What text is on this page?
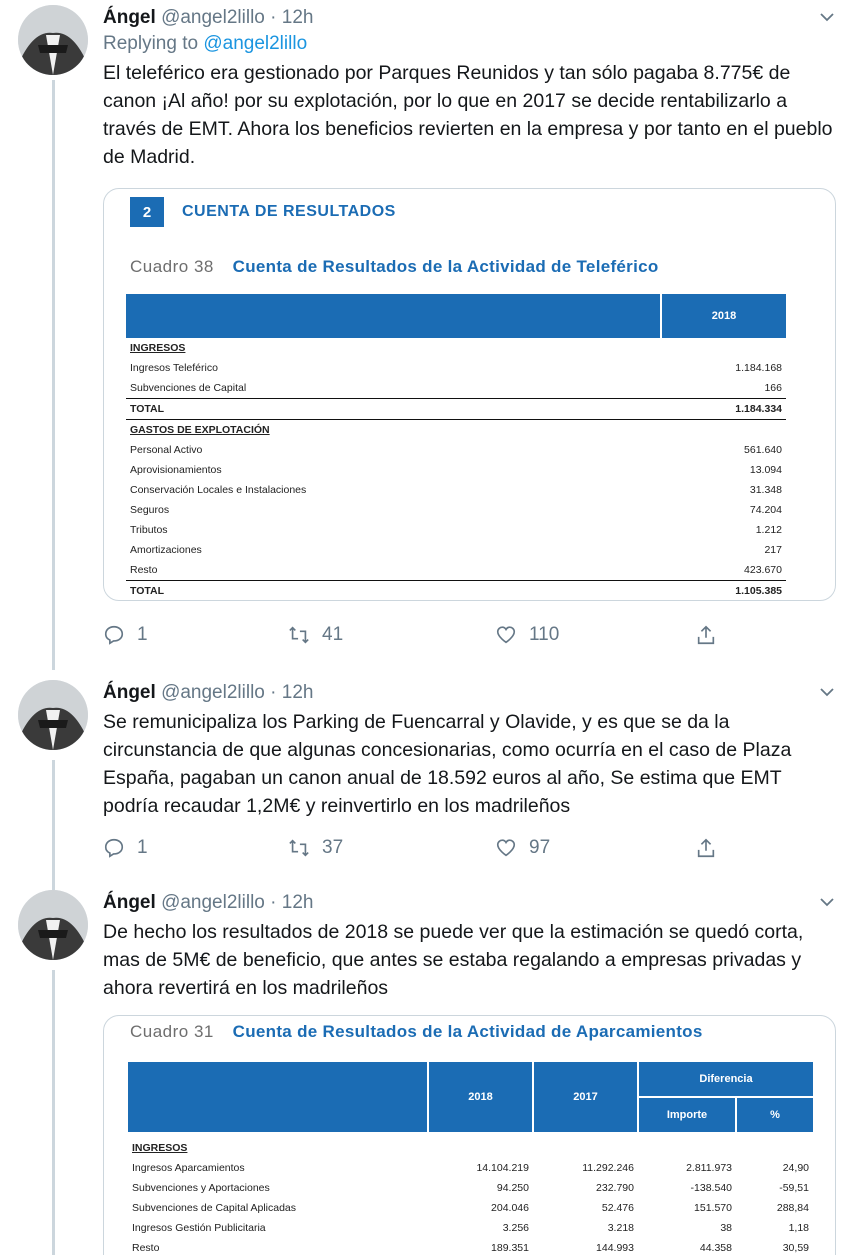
Ángel @angel2lillo · 12h
Replying to @angel2lillo
El teleférico era gestionado por Parques Reunidos y tan sólo pagaba 8.775€ de canon ¡Al año! por su explotación, por lo que en 2017 se decide rentabilizarlo a través de EMT. Ahora los beneficios revierten en la empresa y por tanto en el pueblo de Madrid.
2	CUENTA DE RESULTADOS
Cuadro 38 Cuenta de Resultados de la Actividad de Teleférico
	2018
INGRESOS	
Ingresos Teleférico	1.184.168
Subvenciones de Capital	166
TOTAL	1.184.334
GASTOS DE EXPLOTACIÓN	
Personal Activo	561.640
Aprovisionamientos	13.094
Conservación Locales e Instalaciones	31.348
Seguros	74.204
Tributos	1.212
Amortizaciones	217
Resto	423.670
TOTAL	1.105.385
1	41	110
Ángel @angel2lillo · 12h
Se remunicipaliza los Parking de Fuencarral y Olavide, y es que se da la circunstancia de que algunas concesionarias, como ocurría en el caso de Plaza España, pagaban un canon anual de 18.592 euros al año, Se estima que EMT podría recaudar 1,2M€ y reinvertirlo en los madrileños
1	37	97
Ángel @angel2lillo · 12h
De hecho los resultados de 2018 se puede ver que la estimación se quedó corta, mas de 5M€ de beneficio, que antes se estaba regalando a empresas privadas y ahora revertirá en los madrileños
Cuadro 31 Cuenta de Resultados de la Actividad de Aparcamientos
	2018	2017	Diferencia	
			Importe	%
INGRESOS				
Ingresos Aparcamientos	14.104.219	11.292.246	2.811.973	24,90
Subvenciones y Aportaciones	94.250	232.790	-138.540	-59,51
Subvenciones de Capital Aplicadas	204.046	52.476	151.570	288,84
Ingresos Gestión Publicitaria	3.256	3.218	38	1,18
Resto	189.351	144.993	44.358	30,59
